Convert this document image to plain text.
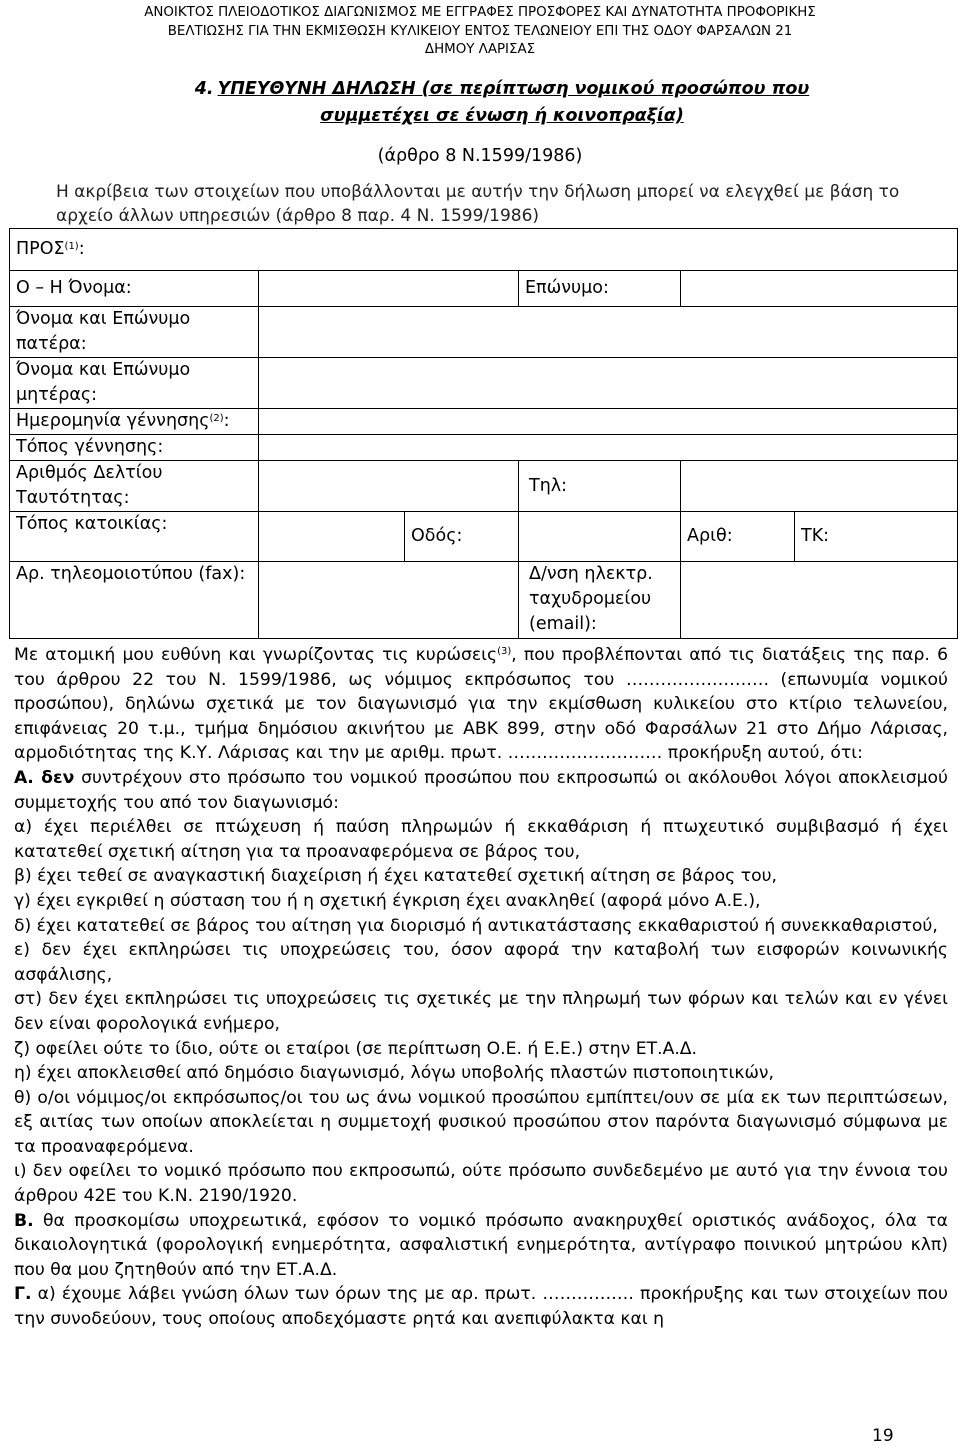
ΑΝΟΙΚΤΟΣ ΠΛΕΙΟΔΟΤΙΚΟΣ ΔΙΑΓΩΝΙΣΜΟΣ ΜΕ ΕΓΓΡΑΦΕΣ ΠΡΟΣΦΟΡΕΣ ΚΑΙ ΔΥΝΑΤΟΤΗΤΑ ΠΡΟΦΟΡΙΚΗΣ
ΒΕΛΤΙΩΣΗΣ ΓΙΑ ΤΗΝ ΕΚΜΙΣΘΩΣΗ ΚΥΛΙΚΕΙΟΥ ΕΝΤΟΣ ΤΕΛΩΝΕΙΟΥ ΕΠΙ ΤΗΣ ΟΔΟΥ ΦΑΡΣΑΛΩΝ 21
ΔΗΜΟΥ ΛΑΡΙΣΑΣ
4. ΥΠΕΥΘΥΝΗ ΔΗΛΩΣΗ (σε περίπτωση νομικού προσώπου που
συμμετέχει σε ένωση ή κοινοπραξία)
(άρθρο 8 Ν.1599/1986)
Η ακρίβεια των στοιχείων που υποβάλλονται με αυτήν την δήλωση μπορεί να ελεγχθεί με βάση το αρχείο άλλων υπηρεσιών (άρθρο 8 παρ. 4 Ν. 1599/1986)
ΠΡΟΣ$^{(1)}$:					
Ο – Η Όνομα:			Επώνυμο:		
Όνομα και Επώνυμο πατέρα:					
Όνομα και Επώνυμο μητέρας:					
Ημερομηνία γέννησης$^{(2)}$:					
Τόπος γέννησης:					
Αριθμός Δελτίου Ταυτότητας:			Τηλ:		
Τόπος κατοικίας:		Οδός:		Αριθ:	ΤΚ:
Αρ. τηλεομοιοτύπου (fax):			Δ/νση ηλεκτρ. ταχυδρομείου (email):		

Με ατομική μου ευθύνη και γνωρίζοντας τις κυρώσεις$^{(3)}$, που προβλέπονται από τις διατάξεις της παρ. 6 του άρθρου 22 του Ν. 1599/1986, ως νόμιμος εκπρόσωπος του ……………………. (επωνυμία νομικού προσώπου), δηλώνω σχετικά με τον διαγωνισμό για την εκμίσθωση κυλικείου στο κτίριο τελωνείου, επιφάνειας 20 τ.μ., τμήμα δημόσιου ακινήτου με ΑΒΚ 899, στην οδό Φαρσάλων 21 στο Δήμο Λάρισας, αρμοδιότητας της Κ.Υ. Λάρισας και την με αριθμ. πρωτ. ……………………… προκήρυξη αυτού, ότι:

Α. δεν συντρέχουν στο πρόσωπο του νομικού προσώπου που εκπροσωπώ οι ακόλουθοι λόγοι αποκλεισμού συμμετοχής του από τον διαγωνισμό:

α) έχει περιέλθει σε πτώχευση ή παύση πληρωμών ή εκκαθάριση ή πτωχευτικό συμβιβασμό ή έχει κατατεθεί σχετική αίτηση για τα προαναφερόμενα σε βάρος του,

β) έχει τεθεί σε αναγκαστική διαχείριση ή έχει κατατεθεί σχετική αίτηση σε βάρος του,

γ) έχει εγκριθεί η σύσταση του ή η σχετική έγκριση έχει ανακληθεί (αφορά μόνο Α.Ε.),

δ) έχει κατατεθεί σε βάρος του αίτηση για διορισμό ή αντικατάστασης εκκαθαριστού ή συνεκκαθαριστού,

ε) δεν έχει εκπληρώσει τις υποχρεώσεις του, όσον αφορά την καταβολή των εισφορών κοινωνικής ασφάλισης,

στ) δεν έχει εκπληρώσει τις υποχρεώσεις τις σχετικές με την πληρωμή των φόρων και τελών και εν γένει δεν είναι φορολογικά ενήμερο,

ζ) οφείλει ούτε το ίδιο, ούτε οι εταίροι (σε περίπτωση Ο.Ε. ή Ε.Ε.) στην ΕΤ.Α.Δ.

η) έχει αποκλεισθεί από δημόσιο διαγωνισμό, λόγω υποβολής πλαστών πιστοποιητικών,

θ) ο/οι νόμιμος/οι εκπρόσωπος/οι του ως άνω νομικού προσώπου εμπίπτει/ουν σε μία εκ των περιπτώσεων, εξ αιτίας των οποίων αποκλείεται η συμμετοχή φυσικού προσώπου στον παρόντα διαγωνισμό σύμφωνα με τα προαναφερόμενα.

ι) δεν οφείλει το νομικό πρόσωπο που εκπροσωπώ, ούτε πρόσωπο συνδεδεμένο με αυτό για την έννοια του άρθρου 42Ε του Κ.Ν. 2190/1920.

Β. θα προσκομίσω υποχρεωτικά, εφόσον το νομικό πρόσωπο ανακηρυχθεί οριστικός ανάδοχος, όλα τα δικαιολογητικά (φορολογική ενημερότητα, ασφαλιστική ενημερότητα, αντίγραφο ποινικού μητρώου κλπ) που θα μου ζητηθούν από την ΕΤ.Α.Δ.

Γ. α) έχουμε λάβει γνώση όλων των όρων της με αρ. πρωτ. ……………. προκήρυξης και των στοιχείων που την συνοδεύουν, τους οποίους αποδεχόμαστε ρητά και ανεπιφύλακτα και η

19
